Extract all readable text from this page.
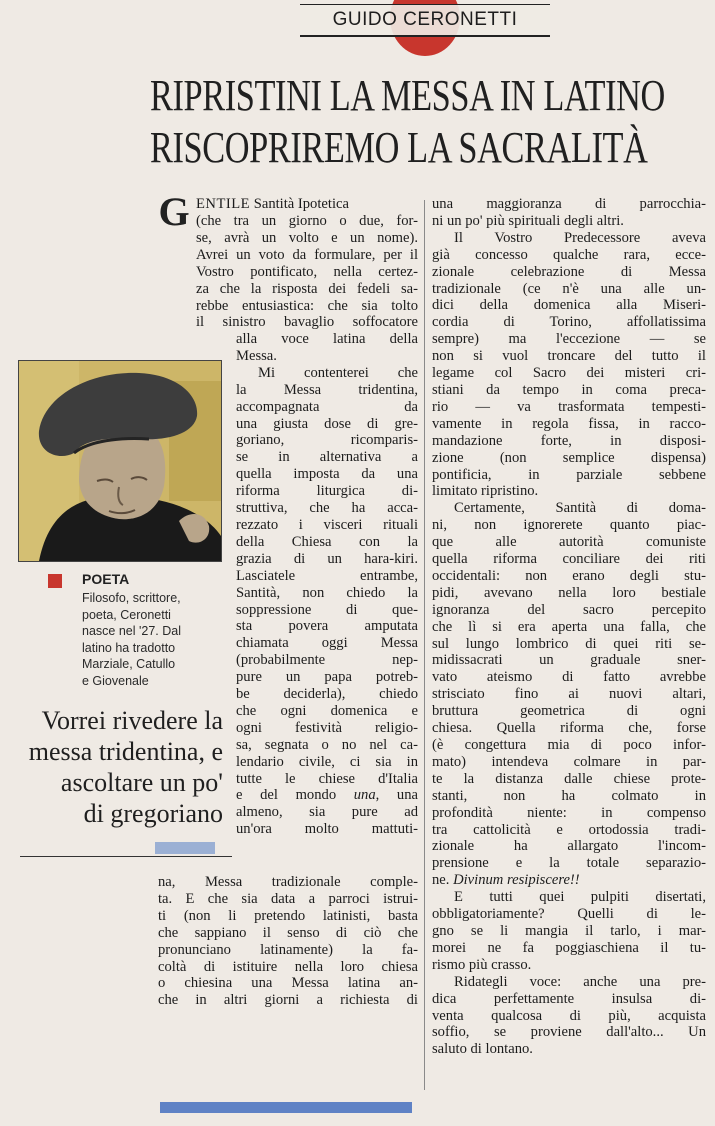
GUIDO CERONETTI
RIPRISTINI LA MESSA IN LATINO
RISCOPRIREMO LA SACRALITÀ
POETA
Filosofo, scrittore,
poeta, Ceronetti
nasce nel '27. Dal
latino ha tradotto
Marziale, Catullo
e Giovenale
Vorrei rivedere la
messa tridentina, e
ascoltare un po'
di gregoriano
G ENTILE Santità Ipotetica
(che tra un giorno o due, for-
se, avrà un volto e un nome).
Avrei un voto da formulare, per il
Vostro pontificato, nella certez-
za che la risposta dei fedeli sa-
rebbe entusiastica: che sia tolto
il sinistro bavaglio soffocatore
alla voce latina della
Messa.
Mi contenterei che
la Messa tridentina,
accompagnata da
una giusta dose di gre-
goriano, ricomparis-
se in alternativa a
quella imposta da una
riforma liturgica di-
struttiva, che ha acca-
rezzato i visceri rituali
della Chiesa con la
grazia di un hara-kiri.
Lasciatele entrambe,
Santità, non chiedo la
soppressione di que-
sta povera amputata
chiamata oggi Messa
(probabilmente nep-
pure un papa potreb-
be deciderla), chiedo
che ogni domenica e
ogni festività religio-
sa, segnata o no nel ca-
lendario civile, ci sia in
tutte le chiese d'Italia
e del mondo una, una
almeno, sia pure ad
un'ora molto mattuti-
na, Messa tradizionale comple-
ta. E che sia data a parroci istrui-
ti (non li pretendo latinisti, basta
che sappiano il senso di ciò che
pronunciano latinamente) la fa-
coltà di istituire nella loro chiesa
o chiesina una Messa latina an-
che in altri giorni a richiesta di
una maggioranza di parrocchia-
ni un po' più spirituali degli altri.
Il Vostro Predecessore aveva
già concesso qualche rara, ecce-
zionale celebrazione di Messa
tradizionale (ce n'è una alle un-
dici della domenica alla Miseri-
cordia di Torino, affollatissima
sempre) ma l'eccezione — se
non si vuol troncare del tutto il
legame col Sacro dei misteri cri-
stiani da tempo in coma preca-
rio — va trasformata tempesti-
vamente in regola fissa, in racco-
mandazione forte, in disposi-
zione (non semplice dispensa)
pontificia, in parziale sebbene
limitato ripristino.
Certamente, Santità di doma-
ni, non ignorerete quanto piac-
que alle autorità comuniste
quella riforma conciliare dei riti
occidentali: non erano degli stu-
pidi, avevano nella loro bestiale
ignoranza del sacro percepito
che lì si era aperta una falla, che
sul lungo lombrico di quei riti se-
midissacrati un graduale sner-
vato ateismo di fatto avrebbe
strisciato fino ai nuovi altari,
bruttura geometrica di ogni
chiesa. Quella riforma che, forse
(è congettura mia di poco infor-
mato) intendeva colmare in par-
te la distanza dalle chiese prote-
stanti, non ha colmato in
profondità niente: in compenso
tra cattolicità e ortodossia tradi-
zionale ha allargato l'incom-
prensione e la totale separazio-
ne. Divinum resipiscere!!
E tutti quei pulpiti disertati,
obbligatoriamente? Quelli di le-
gno se li mangia il tarlo, i mar-
morei ne fa poggiaschiena il tu-
rismo più crasso.
Ridategli voce: anche una pre-
dica perfettamente insulsa di-
venta qualcosa di più, acquista
soffio, se proviene dall'alto... Un
saluto di lontano.
